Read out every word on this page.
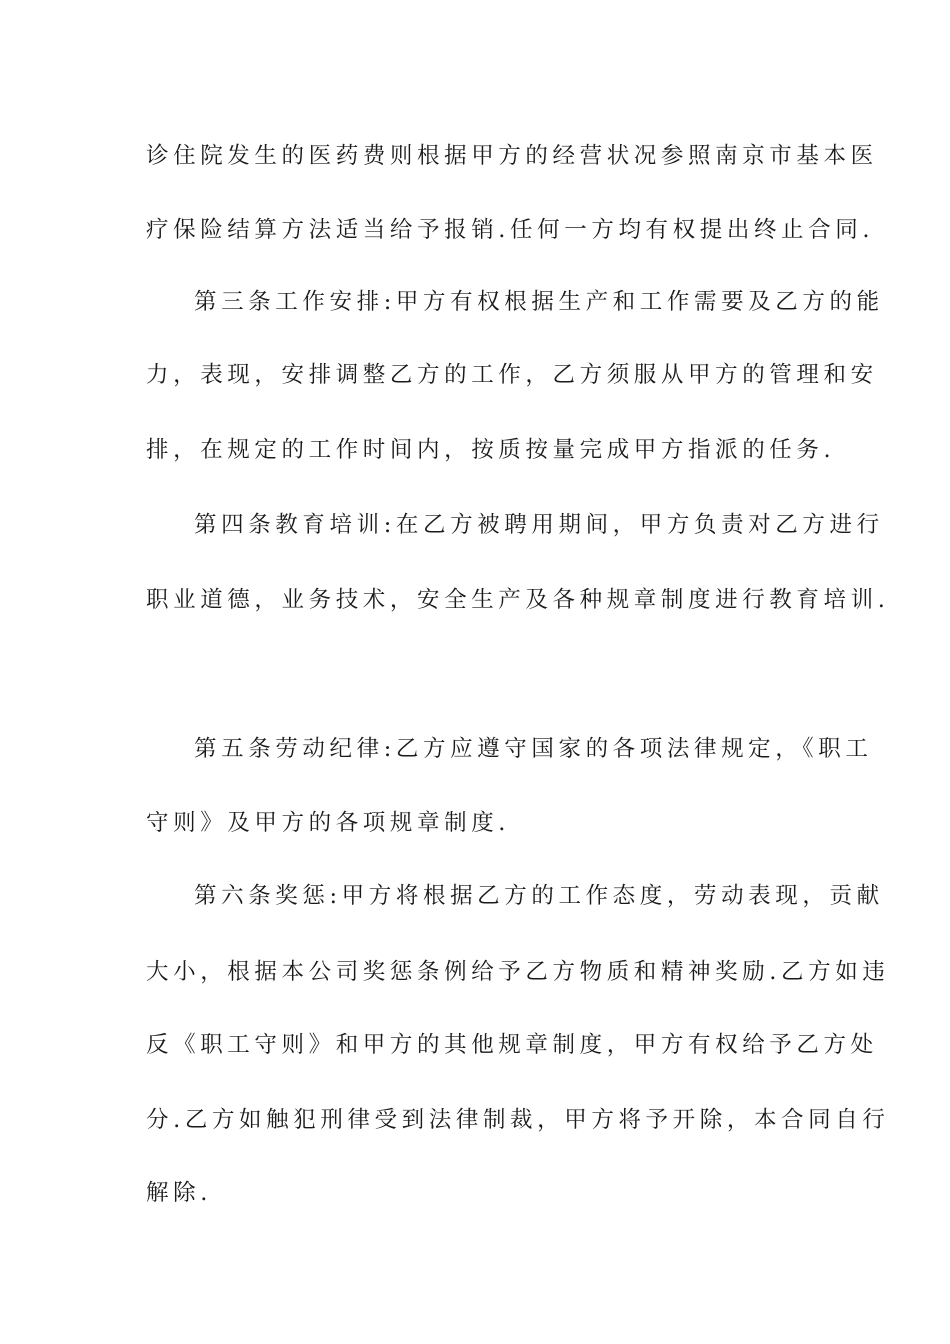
诊住院发生的医药费则根据甲方的经营状况参照南京市基本医
疗保险结算方法适当给予报销.任何一方均有权提出终止合同.
第三条工作安排:甲方有权根据生产和工作需要及乙方的能
力，表现，安排调整乙方的工作，乙方须服从甲方的管理和安
排，在规定的工作时间内，按质按量完成甲方指派的任务.
第四条教育培训:在乙方被聘用期间，甲方负责对乙方进行
职业道德，业务技术，安全生产及各种规章制度进行教育培训.
第五条劳动纪律:乙方应遵守国家的各项法律规定，《职工
守则》及甲方的各项规章制度.
第六条奖惩:甲方将根据乙方的工作态度，劳动表现，贡献
大小，根据本公司奖惩条例给予乙方物质和精神奖励.乙方如违
反《职工守则》和甲方的其他规章制度，甲方有权给予乙方处
分.乙方如触犯刑律受到法律制裁，甲方将予开除，本合同自行
解除.
